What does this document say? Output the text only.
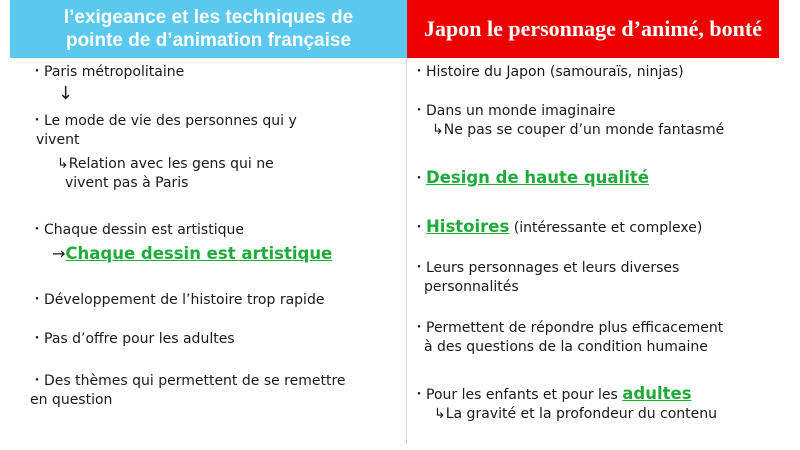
l’exigeance et les techniques de
pointe de d’animation française	Japon le personnage d’animé, bonté
・Paris métropolitaine
↓
・Le mode de vie des personnes qui y
vivent
↳Relation avec les gens qui ne
vivent pas à Paris
・Chaque dessin est artistique
→Chaque dessin est artistique
・Développement de l’histoire trop rapide
・Pas d’offre pour les adultes
・Des thèmes qui permettent de se remettre
en question
・Histoire du Japon (samouraïs, ninjas)
・Dans un monde imaginaire
↳Ne pas se couper d’un monde fantasmé
・Design de haute qualité
・Histoires (intéressante et complexe)
・Leurs personnages et leurs diverses
personnalités
・Permettent de répondre plus efficacement
à des questions de la condition humaine
・Pour les enfants et pour les adultes
↳La gravité et la profondeur du contenu
